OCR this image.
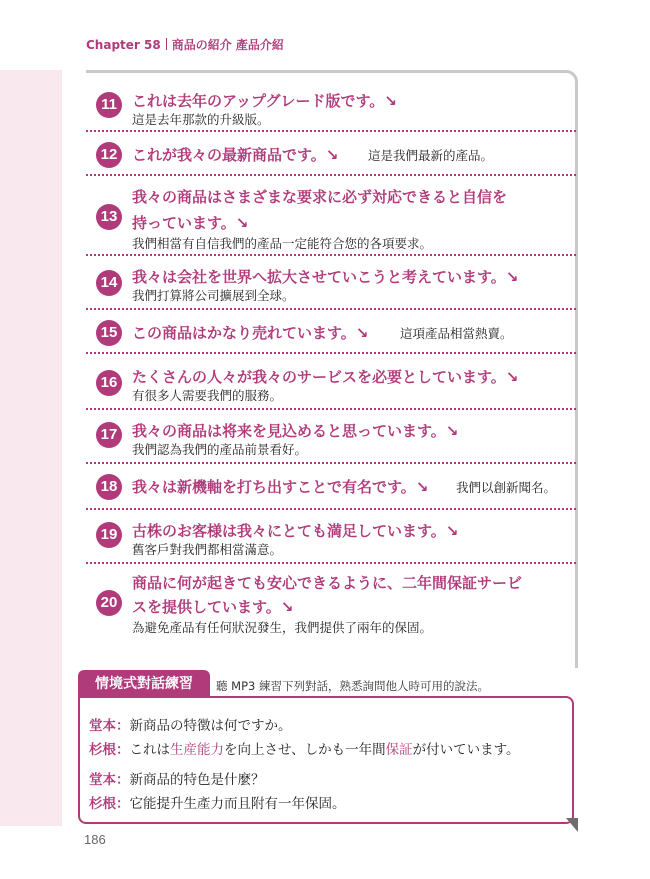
Chapter 58 商品の紹介 產品介紹
11	これは去年のアップグレード版です。↘
這是去年那款的升級版。
12 これが我々の最新商品です。↘ 這是我們最新的產品。
13
我々の商品はさまざまな要求に必ず対応できると自信を
持っています。↘
我們相當有自信我們的產品一定能符合您的各項要求。
14 我々は会社を世界へ拡大させていこうと考えています。↘
我們打算將公司擴展到全球。
15 この商品はかなり売れています。↘	這項產品相當熱賣。
16 たくさんの人々が我々のサービスを必要としています。↘
有很多人需要我們的服務。
17 我々の商品は将来を見込めると思っています。↘
我們認為我們的產品前景看好。
18 我々は新機軸を打ち出すことで有名です。↘ 我們以創新聞名。
19 古株のお客様は我々にとても満足しています。↘
舊客戶對我們都相當滿意。
20
商品に何が起きても安心できるように、二年間保証サービ
スを提供しています。↘
為避免產品有任何狀況發生，我們提供了兩年的保固。
情境式對話練習	聽 MP3 練習下列對話，熟悉詢問他人時可用的說法。
堂本：新商品の特徴は何ですか。
杉根：これは生産能力を向上させ、しかも一年間保証が付いています。
堂本：新商品的特色是什麼？
杉根：它能提升生產力而且附有一年保固。
186
